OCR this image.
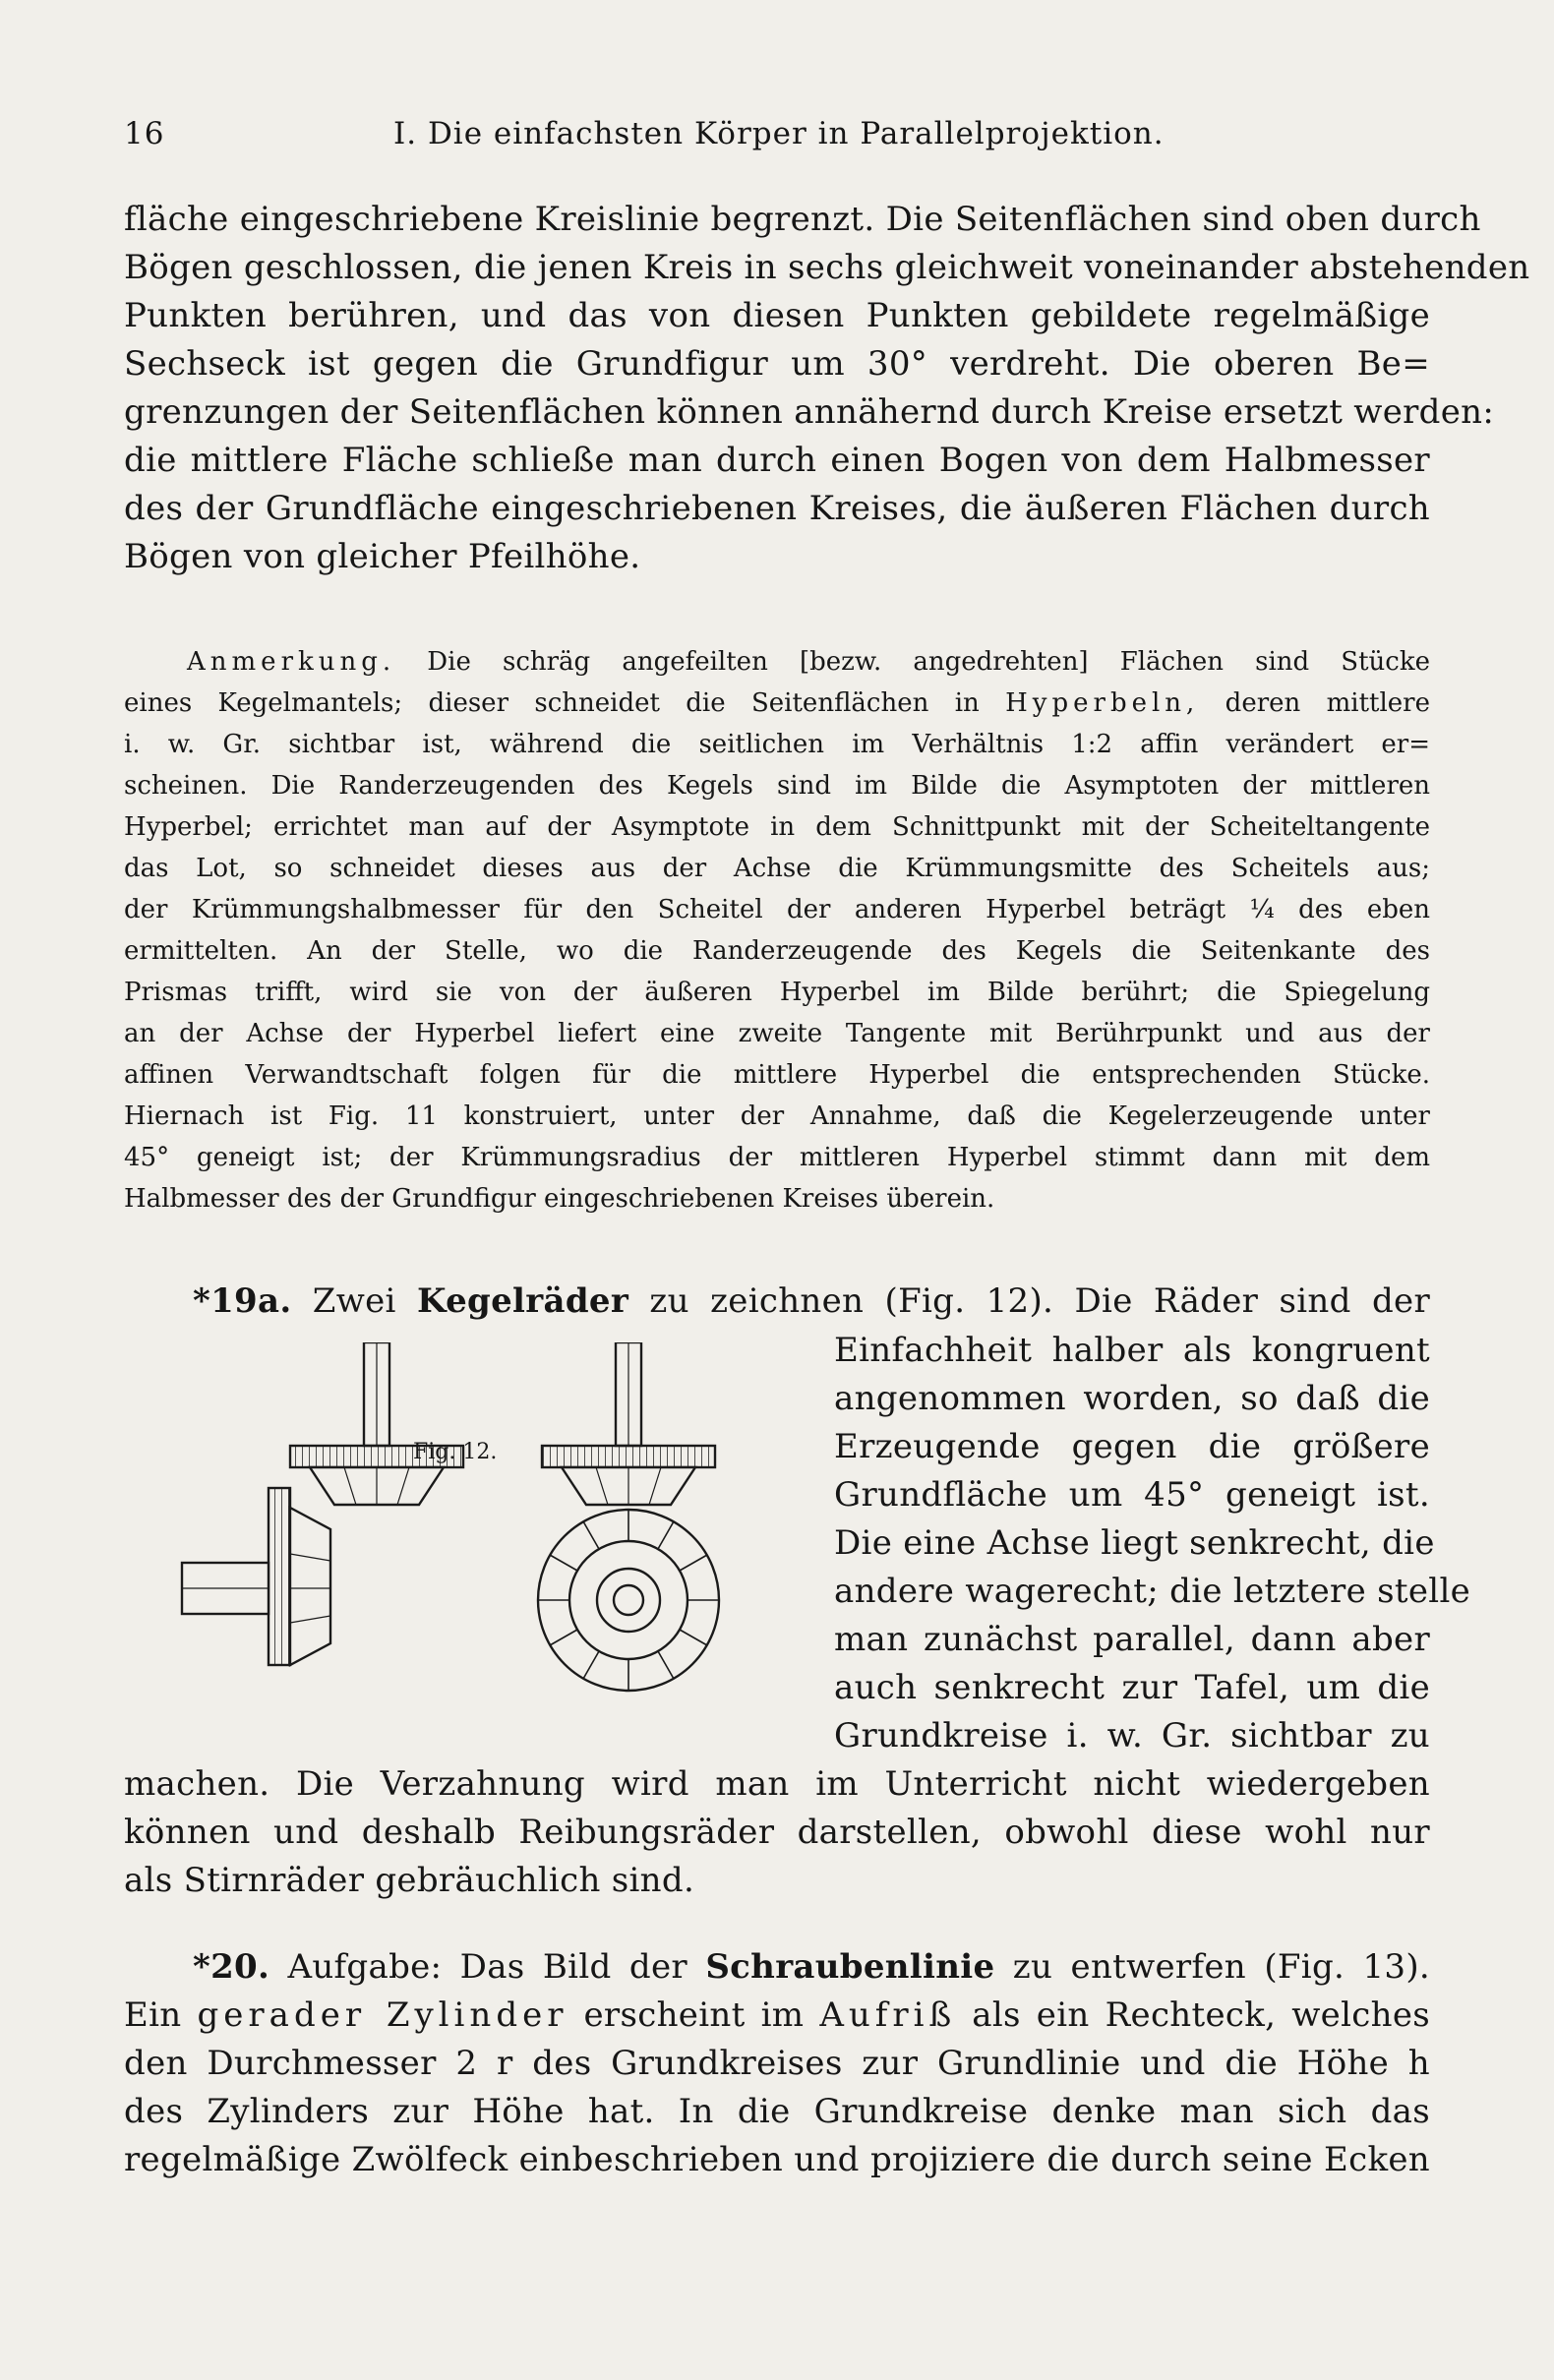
16	I. Die einfachsten Körper in Parallelprojektion.
fläche eingeschriebene Kreislinie begrenzt. Die Seitenflächen sind oben durch
Bögen geschlossen, die jenen Kreis in sechs gleichweit voneinander abstehenden
Punkten berühren, und das von diesen Punkten gebildete regelmäßige
Sechseck ist gegen die Grundfigur um 30° verdreht. Die oberen Be=
grenzungen der Seitenflächen können annähernd durch Kreise ersetzt werden:
die mittlere Fläche schließe man durch einen Bogen von dem Halbmesser
des der Grundfläche eingeschriebenen Kreises, die äußeren Flächen durch
Bögen von gleicher Pfeilhöhe.
Anmerkung. Die schräg angefeilten [bezw. angedrehten] Flächen sind Stücke
eines Kegelmantels; dieser schneidet die Seitenflächen in Hyperbeln, deren mittlere
i. w. Gr. sichtbar ist, während die seitlichen im Verhältnis 1:2 affin verändert er=
scheinen. Die Randerzeugenden des Kegels sind im Bilde die Asymptoten der mittleren
Hyperbel; errichtet man auf der Asymptote in dem Schnittpunkt mit der Scheiteltangente
das Lot, so schneidet dieses aus der Achse die Krümmungsmitte des Scheitels aus;
der Krümmungshalbmesser für den Scheitel der anderen Hyperbel beträgt ¼ des eben
ermittelten. An der Stelle, wo die Randerzeugende des Kegels die Seitenkante des
Prismas trifft, wird sie von der äußeren Hyperbel im Bilde berührt; die Spiegelung
an der Achse der Hyperbel liefert eine zweite Tangente mit Berührpunkt und aus der
affinen Verwandtschaft folgen für die mittlere Hyperbel die entsprechenden Stücke.
Hiernach ist Fig. 11 konstruiert, unter der Annahme, daß die Kegelerzeugende unter
45° geneigt ist; der Krümmungsradius der mittleren Hyperbel stimmt dann mit dem
Halbmesser des der Grundfigur eingeschriebenen Kreises überein.
*19a. Zwei Kegelräder zu zeichnen (Fig. 12). Die Räder sind der
Einfachheit halber als kongruent
angenommen worden, so daß die
Erzeugende gegen die größere
Grundfläche um 45° geneigt ist.
Die eine Achse liegt senkrecht, die
andere wagerecht; die letztere stelle
man zunächst parallel, dann aber
auch senkrecht zur Tafel, um die
Grundkreise i. w. Gr. sichtbar zu
machen. Die Verzahnung wird man im Unterricht nicht wiedergeben
können und deshalb Reibungsräder darstellen, obwohl diese wohl nur
als Stirnräder gebräuchlich sind.
Fig. 12.
*20. Aufgabe: Das Bild der Schraubenlinie zu entwerfen (Fig. 13).
Ein gerader Zylinder erscheint im Aufriß als ein Rechteck, welches
den Durchmesser 2 r des Grundkreises zur Grundlinie und die Höhe h
des Zylinders zur Höhe hat. In die Grundkreise denke man sich das
regelmäßige Zwölfeck einbeschrieben und projiziere die durch seine Ecken
